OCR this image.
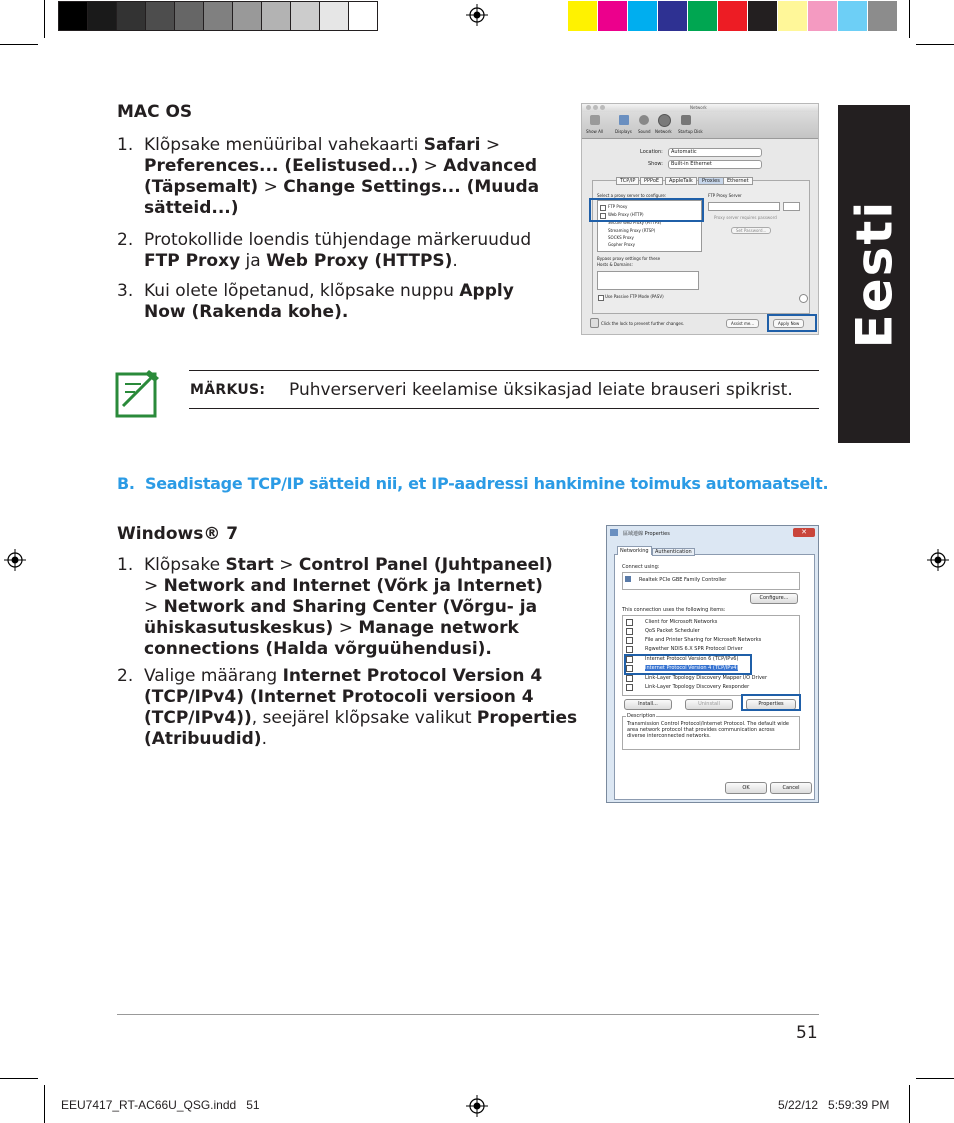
Eesti
MAC OS
1. Klõpsake menüüribal vahekaarti Safari > Preferences... (Eelistused...) > Advanced (Täpsemalt) > Change Settings... (Muuda sätteid...)
2. Protokollide loendis tühjendage märkeruudud FTP Proxy ja Web Proxy (HTTPS).
3. Kui olete lõpetanud, klõpsake nuppu Apply Now (Rakenda kohe).
Network
Show All	Displays Sound Network Startup Disk
Location:	Automatic
Show:	Built-in Ethernet
TCP/IP	PPPoE	AppleTalk	Proxies	Ethernet
Select a proxy server to configure:
FTP Proxy
Web Proxy (HTTP)
Secure Web Proxy (HTTPS)
Streaming Proxy (RTSP)
SOCKS Proxy
Gopher Proxy
FTP Proxy Server
Proxy server requires password
Set Password...
Bypass proxy settings for these Hosts & Domains:
Use Passive FTP Mode (PASV)
Click the lock to prevent further changes.	Assist me...	Apply Now
MÄRKUS: Puhverserveri keelamise üksikasjad leiate brauseri spikrist.
B. Seadistage TCP/IP sätteid nii, et IP-aadressi hankimine toimuks automaatselt.
Windows® 7
1. Klõpsake Start > Control Panel (Juhtpaneel) > Network and Internet (Võrk ja Internet) > Network and Sharing Center (Võrgu- ja ühiskasutuskeskus) > Manage network connections (Halda võrguühendusi).
2. Valige määrang Internet Protocol Version 4 (TCP/IPv4) (Internet Protocoli versioon 4 (TCP/IPv4)), seejärel klõpsake valikut Properties (Atribuudid).
區域連線 Properties	✕
Networking	Authentication
Connect using:
Realtek PCIe GBE Family Controller
Configure...
This connection uses the following items:
Client for Microsoft Networks
QoS Packet Scheduler
File and Printer Sharing for Microsoft Networks
Rgwether NDIS 6.X SPR Protocol Driver
Internet Protocol Version 6 (TCP/IPv6)
Internet Protocol Version 4 (TCP/IPv4)
Link-Layer Topology Discovery Mapper I/O Driver
Link-Layer Topology Discovery Responder
Install...	Uninstall	Properties
Description
Transmission Control Protocol/Internet Protocol. The default wide area network protocol that provides communication across diverse interconnected networks.
OK	Cancel
51
EEU7417_RT-AC66U_QSG.indd   51	5/22/12   5:59:39 PM
